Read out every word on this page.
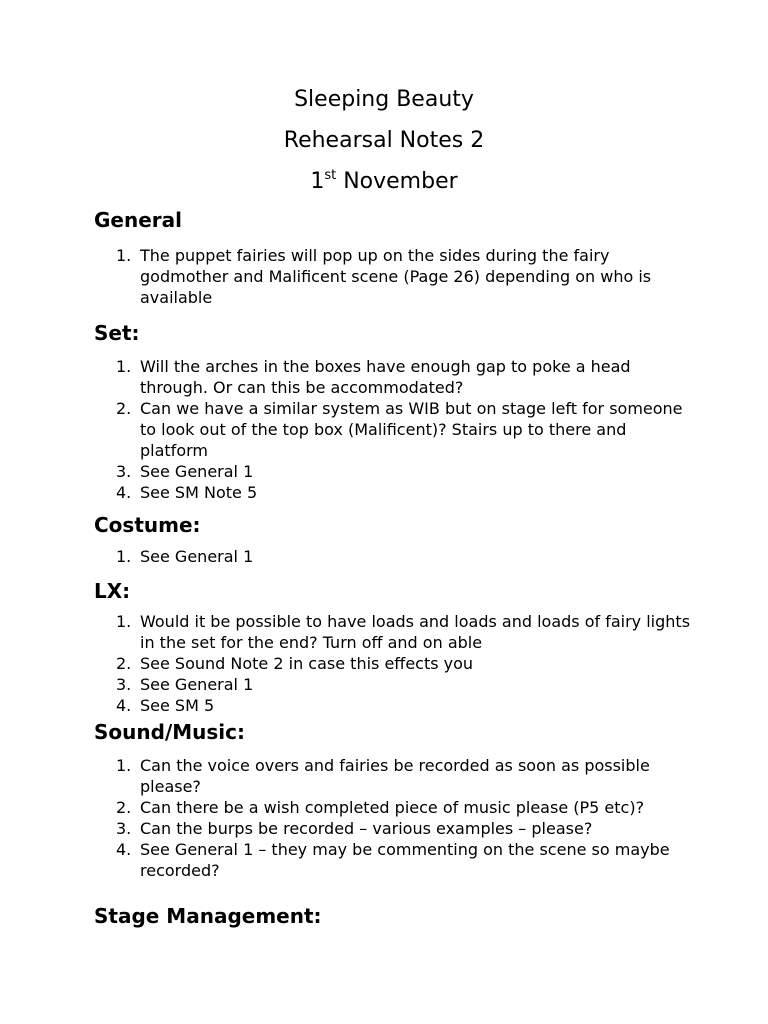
Sleeping Beauty
Rehearsal Notes 2
1st November
General
1. The puppet fairies will pop up on the sides during the fairy godmother and Malificent scene (Page 26) depending on who is available
Set:
1. Will the arches in the boxes have enough gap to poke a head through. Or can this be accommodated?
2. Can we have a similar system as WIB but on stage left for someone to look out of the top box (Malificent)? Stairs up to there and platform
3. See General 1
4. See SM Note 5
Costume:
1. See General 1
LX:
1. Would it be possible to have loads and loads and loads of fairy lights in the set for the end? Turn off and on able
2. See Sound Note 2 in case this effects you
3. See General 1
4. See SM 5
Sound/Music:
1. Can the voice overs and fairies be recorded as soon as possible please?
2. Can there be a wish completed piece of music please (P5 etc)?
3. Can the burps be recorded – various examples – please?
4. See General 1 – they may be commenting on the scene so maybe recorded?
Stage Management:
